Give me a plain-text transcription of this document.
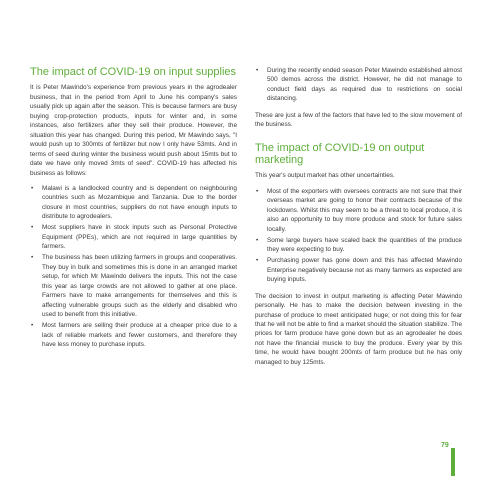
The impact of COVID-19 on input supplies

It is Peter Mawindo's experience from previous years in the agrodealer business, that in the period from April to June his company's sales usually pick up again after the season. This is because farmers are busy buying crop-protection products, inputs for winter and, in some instances, also fertilizers after they sell their produce. However, the situation this year has changed. During this period, Mr Mawindo says, "I would push up to 300mts of fertilizer but now I only have 53mts. And in terms of seed during winter the business would push about 15mts but to date we have only moved 3mts of seed". COVID-19 has affected his business as follows:

• Malawi is a landlocked country and is dependent on neighbouring countries such as Mozambique and Tanzania. Due to the border closure in most countries, suppliers do not have enough inputs to distribute to agrodealers.
• Most suppliers have in stock inputs such as Personal Protective Equipment (PPEs), which are not required in large quantities by farmers.
• The business has been utilizing farmers in groups and cooperatives. They buy in bulk and sometimes this is done in an arranged market setup, for which Mr Mawindo delivers the inputs. This not the case this year as large crowds are not allowed to gather at one place. Farmers have to make arrangements for themselves and this is affecting vulnerable groups such as the elderly and disabled who used to benefit from this initiative.
• Most farmers are selling their produce at a cheaper price due to a lack of reliable markets and fewer customers, and therefore they have less money to purchase inputs.
• During the recently ended season Peter Mawindo established almost 500 demos across the district. However, he did not manage to conduct field days as required due to restrictions on social distancing.

These are just a few of the factors that have led to the slow movement of the business.

The impact of COVID-19 on output marketing

This year's output market has other uncertainties.

• Most of the exporters with oversees contracts are not sure that their overseas market are going to honor their contracts because of the lockdowns. Whilst this may seem to be a threat to local produce, it is also an opportunity to buy more produce and stock for future sales locally.
• Some large buyers have scaled back the quantities of the produce they were expecting to buy.
• Purchasing power has gone down and this has affected Mawindo Enterprise negatively because not as many farmers as expected are buying inputs.

The decision to invest in output marketing is affecting Peter Mawindo personally. He has to make the decision between investing in the purchase of produce to meet anticipated huge; or not doing this for fear that he will not be able to find a market should the situation stabilize. The prices for farm produce have gone down but as an agrodealer he does not have the financial muscle to buy the produce. Every year by this time, he would have bought 200mts of farm produce but he has only managed to buy 125mts.

79
